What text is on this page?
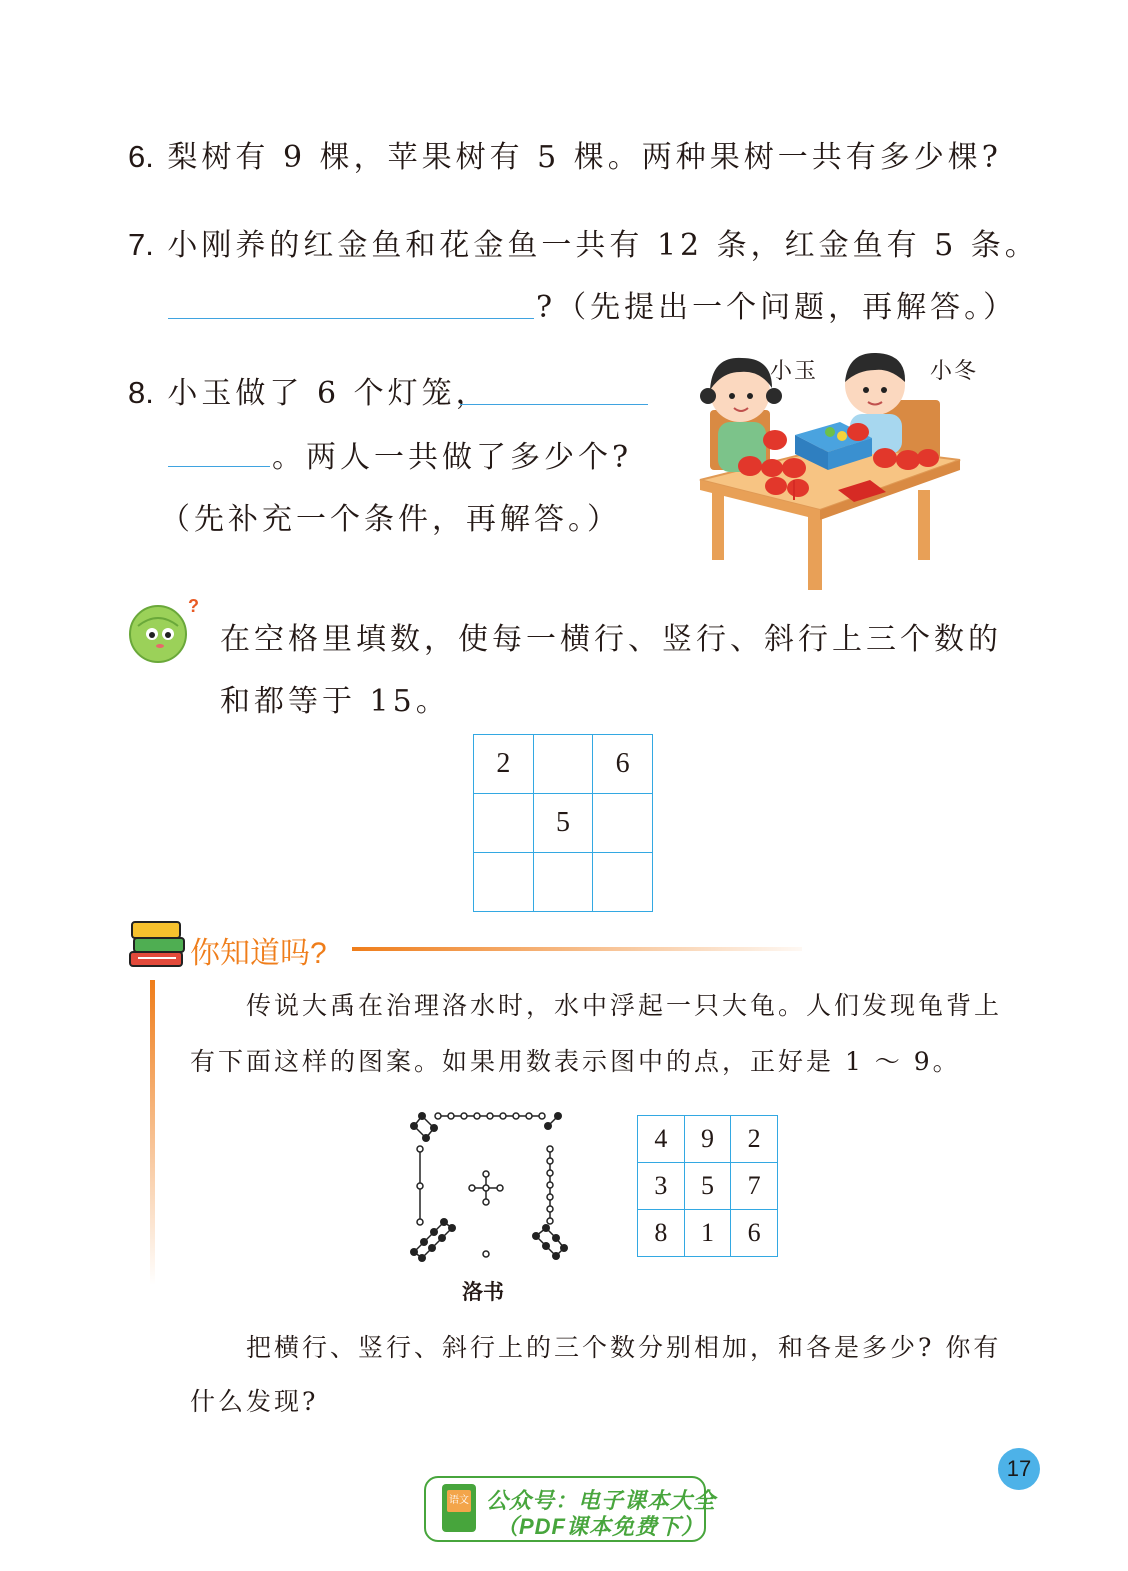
6. 梨树有 9 棵，苹果树有 5 棵。两种果树一共有多少棵?
7. 小刚养的红金鱼和花金鱼一共有 12 条，红金鱼有 5 条。
?（先提出一个问题，再解答。）
8. 小玉做了 6 个灯笼，
。两人一共做了多少个?
（先补充一个条件，再解答。）
小玉	小冬
?
在空格里填数，使每一横行、竖行、斜行上三个数的
和都等于 15。
2		6
	5	

你知道吗?
传说大禹在治理洛水时，水中浮起一只大龟。人们发现龟背上
有下面这样的图案。如果用数表示图中的点，正好是 1 ～ 9。
洛书
4	9	2
3	5	7
8	1	6
把横行、竖行、斜行上的三个数分别相加，和各是多少? 你有
什么发现?
17
语文 公众号：电子课本大全
（PDF课本免费下）
